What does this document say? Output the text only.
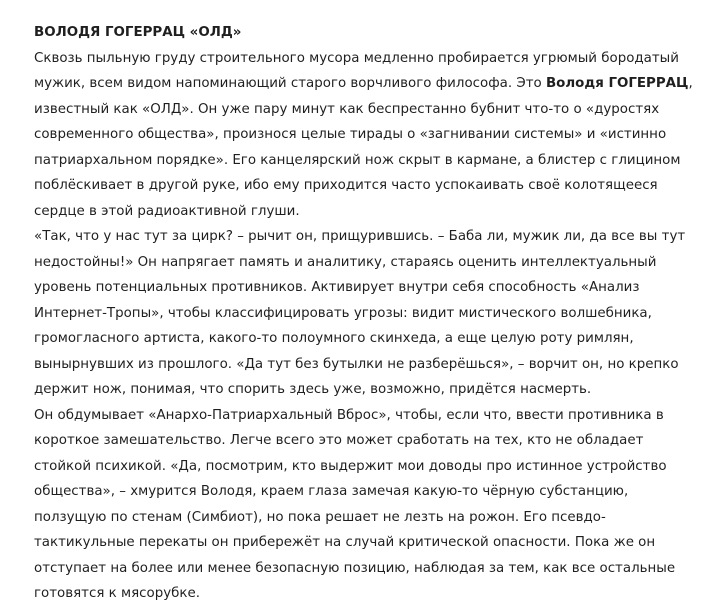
ВОЛОДЯ ГОГЕРРАЦ «ОЛД»

Сквозь пыльную груду строительного мусора медленно пробирается угрюмый бородатый мужик, всем видом напоминающий старого ворчливого философа. Это Володя ГОГЕРРАЦ, известный как «ОЛД». Он уже пару минут как беспрестанно бубнит что-то о «дуростях современного общества», произнося целые тирады о «загнивании системы» и «истинно патриархальном порядке». Его канцелярский нож скрыт в кармане, а блистер с глицином поблёскивает в другой руке, ибо ему приходится часто успокаивать своё колотящееся сердце в этой радиоактивной глуши.

«Так, что у нас тут за цирк? – рычит он, прищурившись. – Баба ли, мужик ли, да все вы тут недостойны!» Он напрягает память и аналитику, стараясь оценить интеллектуальный уровень потенциальных противников. Активирует внутри себя способность «Анализ Интернет-Тропы», чтобы классифицировать угрозы: видит мистического волшебника, громогласного артиста, какого-то полоумного скинхеда, а еще целую роту римлян, вынырнувших из прошлого. «Да тут без бутылки не разберёшься», – ворчит он, но крепко держит нож, понимая, что спорить здесь уже, возможно, придётся насмерть.

Он обдумывает «Анархо-Патриархальный Вброс», чтобы, если что, ввести противника в короткое замешательство. Легче всего это может сработать на тех, кто не обладает стойкой психикой. «Да, посмотрим, кто выдержит мои доводы про истинное устройство общества», – хмурится Володя, краем глаза замечая какую-то чёрную субстанцию, ползущую по стенам (Симбиот), но пока решает не лезть на рожон. Его псевдо-тактикульные перекаты он прибережёт на случай критической опасности. Пока же он отступает на более или менее безопасную позицию, наблюдая за тем, как все остальные готовятся к мясорубке.
